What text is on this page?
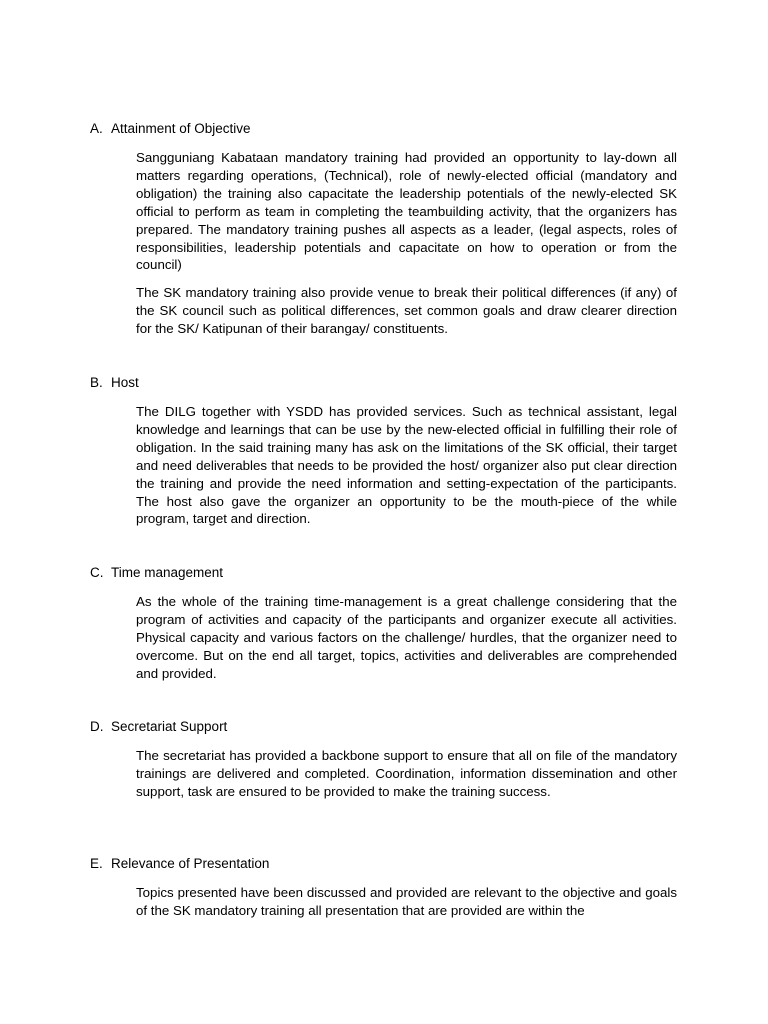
A. Attainment of Objective

Sangguniang Kabataan mandatory training had provided an opportunity to lay-down all matters regarding operations, (Technical), role of newly-elected official (mandatory and obligation) the training also capacitate the leadership potentials of the newly-elected SK official to perform as team in completing the teambuilding activity, that the organizers has prepared. The mandatory training pushes all aspects as a leader, (legal aspects, roles of responsibilities, leadership potentials and capacitate on how to operation or from the council)

The SK mandatory training also provide venue to break their political differences (if any) of the SK council such as political differences, set common goals and draw clearer direction for the SK/ Katipunan of their barangay/ constituents.

B. Host

The DILG together with YSDD has provided services. Such as technical assistant, legal knowledge and learnings that can be use by the new-elected official in fulfilling their role of obligation. In the said training many has ask on the limitations of the SK official, their target and need deliverables that needs to be provided the host/ organizer also put clear direction the training and provide the need information and setting-expectation of the participants. The host also gave the organizer an opportunity to be the mouth-piece of the while program, target and direction.

C. Time management

As the whole of the training time-management is a great challenge considering that the program of activities and capacity of the participants and organizer execute all activities. Physical capacity and various factors on the challenge/ hurdles, that the organizer need to overcome. But on the end all target, topics, activities and deliverables are comprehended and provided.

D. Secretariat Support

The secretariat has provided a backbone support to ensure that all on file of the mandatory trainings are delivered and completed. Coordination, information dissemination and other support, task are ensured to be provided to make the training success.

E. Relevance of Presentation

Topics presented have been discussed and provided are relevant to the objective and goals of the SK mandatory training all presentation that are provided are within the
